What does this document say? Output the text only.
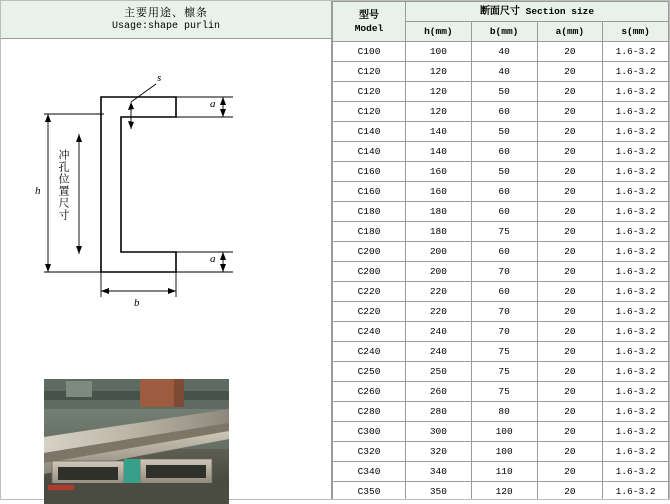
主要用途、檩条
Usage:shape purlin
h
b
s
a
a
冲孔位置尺寸
型号
Model	断面尺寸 Section size			
	h(mm)	b(mm)	a(mm)	s(mm)
C100	100	40	20	1.6-3.2
C120	120	40	20	1.6-3.2
C120	120	50	20	1.6-3.2
C120	120	60	20	1.6-3.2
C140	140	50	20	1.6-3.2
C140	140	60	20	1.6-3.2
C160	160	50	20	1.6-3.2
C160	160	60	20	1.6-3.2
C180	180	60	20	1.6-3.2
C180	180	75	20	1.6-3.2
C200	200	60	20	1.6-3.2
C200	200	70	20	1.6-3.2
C220	220	60	20	1.6-3.2
C220	220	70	20	1.6-3.2
C240	240	70	20	1.6-3.2
C240	240	75	20	1.6-3.2
C250	250	75	20	1.6-3.2
C260	260	75	20	1.6-3.2
C280	280	80	20	1.6-3.2
C300	300	100	20	1.6-3.2
C320	320	100	20	1.6-3.2
C340	340	110	20	1.6-3.2
C350	350	120	20	1.6-3.2
